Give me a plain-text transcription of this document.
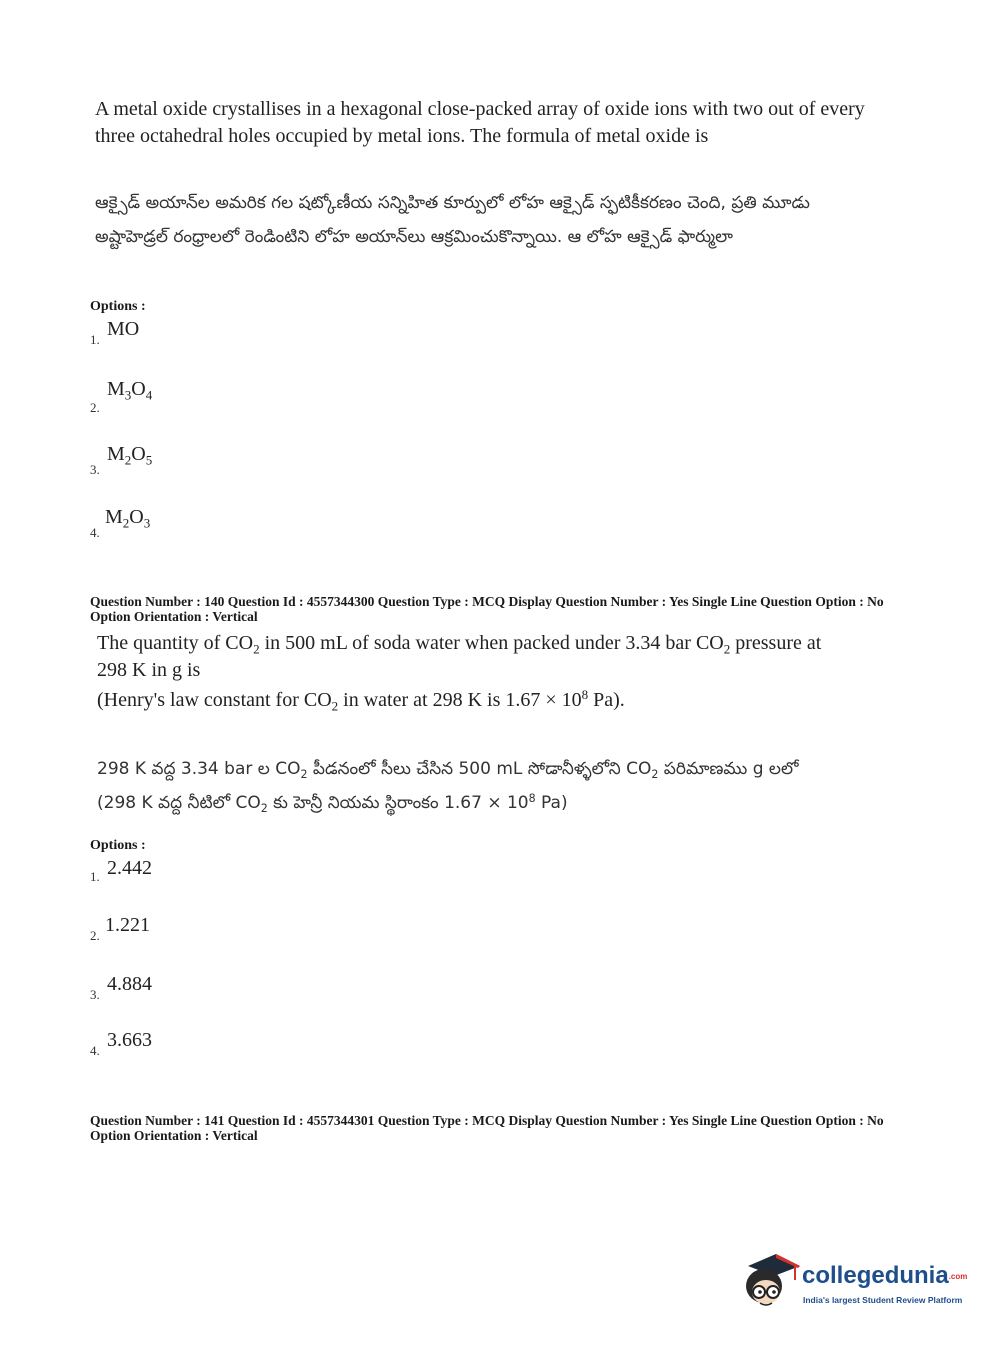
A metal oxide crystallises in a hexagonal close-packed array of oxide ions with two out of every three octahedral holes occupied by metal ions. The formula of metal oxide is
ఆక్సైడ్ అయాన్‌ల అమరిక గల షట్కోణీయ సన్నిహిత కూర్పులో లోహ ఆక్సైడ్ స్ఫటికీకరణం చెంది, ప్రతి మూడు అష్టాహెడ్రల్ రంధ్రాలలో రెండింటిని లోహ అయాన్‌లు ఆక్రమించుకొన్నాయి. ఆ లోహ ఆక్సైడ్ ఫార్ములా
Options :
1. MO
2.
$M_3O_4$
3.
$M_2O_5$
4.
$M_2O_3$
Question Number : 140 Question Id : 4557344300 Question Type : MCQ Display Question Number : Yes Single Line Question Option : No Option Orientation : Vertical
The quantity of $CO_2$ in 500 mL of soda water when packed under 3.34 bar $CO_2$ pressure at
298 K in g is
(Henry's law constant for $CO_2$ in water at 298 K is $1.67 \times 10^8$ Pa).
298 K వద్ద 3.34 bar ల $CO_2$ పీడనంలో సీలు చేసిన 500 mL సోడానీళ్ళలోని $CO_2$ పరిమాణము g లలో
(298 K వద్ద నీటిలో $CO_2$ కు హెన్రీ నియమ స్థిరాంకం $1.67 \times 10^8$ Pa)
Options :
1. 2.442
2. 1.221
3. 4.884
4. 3.663
Question Number : 141 Question Id : 4557344301 Question Type : MCQ Display Question Number : Yes Single Line Question Option : No Option Orientation : Vertical
collegedunia.com
India's largest Student Review Platform
